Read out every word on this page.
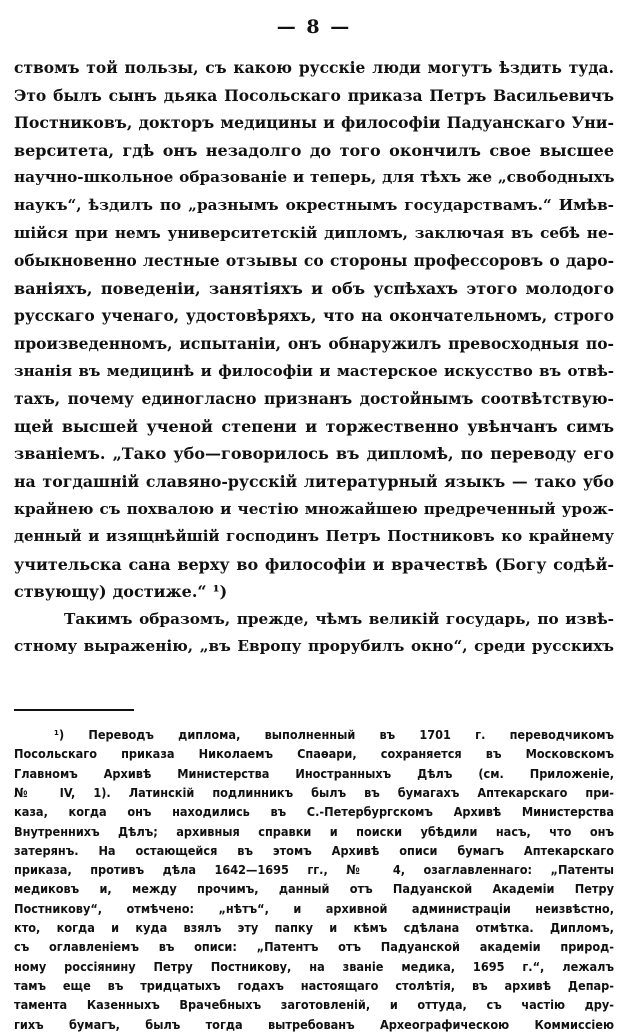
— 8 —
ствомъ той пользы, съ какою русскіе люди могутъ ѣздить туда.
Это былъ сынъ дьяка Посольскаго приказа Петръ Васильевичъ
Постниковъ, докторъ медицины и философіи Падуанскаго Уни-
верситета, гдѣ онъ незадолго до того окончилъ свое высшее
научно-школьное образованіе и теперь, для тѣхъ же „свободныхъ
наукъ“, ѣздилъ по „разнымъ окрестнымъ государствамъ.“ Имѣв-
шійся при немъ университетскій дипломъ, заключая въ себѣ не-
обыкновенно лестные отзывы со стороны профессоровъ о даро-
ваніяхъ, поведеніи, занятіяхъ и объ успѣхахъ этого молодого
русскаго ученаго, удостовѣряхъ, что на окончательномъ, строго
произведенномъ, испытаніи, онъ обнаружилъ превосходныя по-
знанія въ медицинѣ и философіи и мастерское искусство въ отвѣ-
тахъ, почему единогласно признанъ достойнымъ соотвѣтствую-
щей высшей ученой степени и торжественно увѣнчанъ симъ
званіемъ. „Тако убо—говорилось въ дипломѣ, по переводу его
на тогдашній славяно-русскій литературный языкъ — тако убо
крайнею съ похвалою и честію множайшею предреченный урож-
денный и изящнѣйшій господинъ Петръ Постниковъ ко крайнему
учительска сана верху во философіи и врачествѣ (Богу содѣй-
ствующу) достиже.“ ¹)
Такимъ образомъ, прежде, чѣмъ великій государь, по извѣ-
стному выраженію, „въ Европу прорубилъ окно“, среди русскихъ
¹) Переводъ диплома, выполненный въ 1701 г. переводчикомъ
Посольскаго приказа Николаемъ Спаѳари, сохраняется въ Московскомъ
Главномъ Архивѣ Министерства Иностранныхъ Дѣлъ (см. Приложеніе,
№ IV, 1). Латинскій подлинникъ былъ въ бумагахъ Аптекарскаго при-
каза, когда онъ находились въ С.-Петербургскомъ Архивѣ Министерства
Внутреннихъ Дѣлъ; архивныя справки и поиски убѣдили насъ, что онъ
затерянъ. На остающейся въ этомъ Архивѣ описи бумагъ Аптекарскаго
приказа, противъ дѣла 1642—1695 гг., № 4, озаглавленнаго: „Патенты
медиковъ и, между прочимъ, данный отъ Падуанской Академіи Петру
Постникову“, отмѣчено: „нѣтъ“, и архивной администраціи неизвѣстно,
кто, когда и куда взялъ эту папку и кѣмъ сдѣлана отмѣтка. Дипломъ,
съ оглавленіемъ въ описи: „Патентъ отъ Падуанской академіи природ-
ному россіянину Петру Постникову, на званіе медика, 1695 г.“, лежалъ
тамъ еще въ тридцатыхъ годахъ настоящаго столѣтія, въ архивѣ Депар-
тамента Казенныхъ Врачебныхъ заготовленій, и оттуда, съ частію дру-
гихъ бумагъ, былъ тогда вытребованъ Археографическою Коммиссіею
